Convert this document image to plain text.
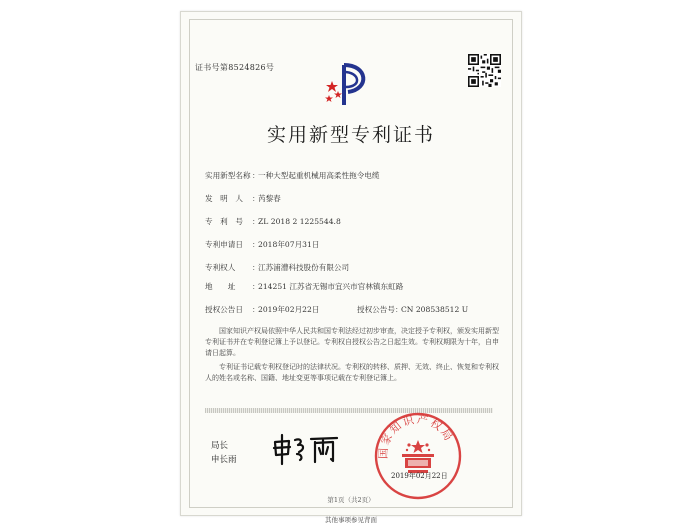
证书号第8524826号
实用新型专利证书
实用新型名称：一种大型起重机械用高柔性拖令电缆
发　明　人 ：芮黎春
专　利　号 ：ZL 2018 2 1225544.8
专利申请日 ：2018年07月31日
专利权人 ：江苏浦漕科技股份有限公司
地　　址 ：214251 江苏省无锡市宜兴市官林镇东虹路
授权公告日 ：2019年02月22日	授权公告号：CN 208538512 U

国家知识产权局依照中华人民共和国专利法经过初步审查，决定授予专利权，颁发实用新型专利证书并在专利登记簿上予以登记。专利权自授权公告之日起生效。专利权期限为十年，自申请日起算。

专利证书记载专利权登记时的法律状况。专利权的转移、质押、无效、终止、恢复和专利权人的姓名或名称、国籍、地址变更等事项记载在专利登记簿上。

局长
申长雨
国家知识产权局
2019年02月22日
第1页（共2页）
其他事项参见背面
